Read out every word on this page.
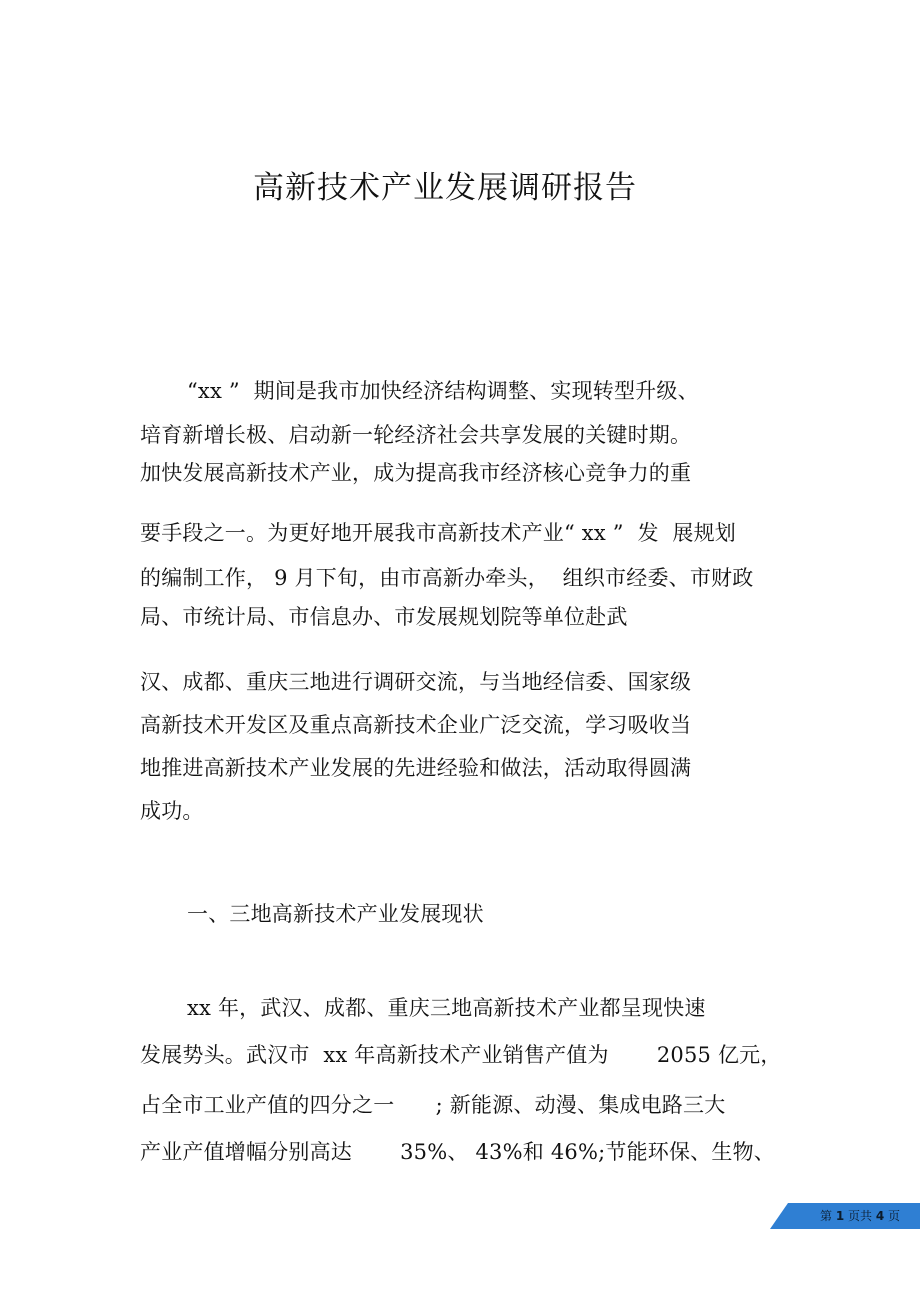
高新技术产业发展调研报告
“xx ”  期间是我市加快经济结构调整、实现转型升级、
培育新增长极、启动新一轮经济社会共享发展的关键时期。
加快发展高新技术产业，成为提高我市经济核心竞争力的重
要手段之一。为更好地开展我市高新技术产业“ xx ”  发  展规划
的编制工作， 9 月下旬，由市高新办牵头，  组织市经委、市财政
局、市统计局、市信息办、市发展规划院等单位赴武
汉、成都、重庆三地进行调研交流，与当地经信委、国家级
高新技术开发区及重点高新技术企业广泛交流，学习吸收当
地推进高新技术产业发展的先进经验和做法，活动取得圆满
成功。
一、三地高新技术产业发展现状
xx 年，武汉、成都、重庆三地高新技术产业都呈现快速
发展势头。武汉市  xx 年高新技术产业销售产值为       2055 亿元，
占全市工业产值的四分之一      ; 新能源、动漫、集成电路三大
产业产值增幅分别高达       35%、 43%和 46%;节能环保、生物、
第 1 页共 4 页
